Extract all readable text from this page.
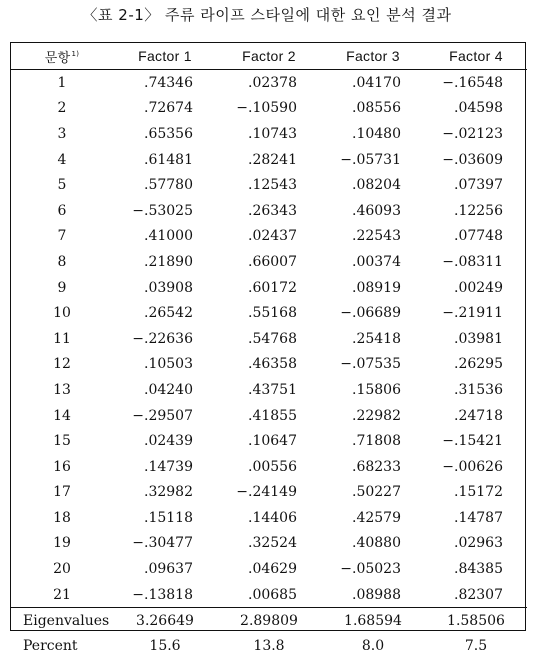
〈표 2-1〉 주류 라이프 스타일에 대한 요인 분석 결과
문항$^{1)}$	Factor 1	Factor 2	Factor 3	Factor 4
1	.74346	.02378	.04170	−.16548
2	.72674	−.10590	.08556	.04598
3	.65356	.10743	.10480	−.02123
4	.61481	.28241	−.05731	−.03609
5	.57780	.12543	.08204	.07397
6	−.53025	.26343	.46093	.12256
7	.41000	.02437	.22543	.07748
8	.21890	.66007	.00374	−.08311
9	.03908	.60172	.08919	.00249
10	.26542	.55168	−.06689	−.21911
11	−.22636	.54768	.25418	.03981
12	.10503	.46358	−.07535	.26295
13	.04240	.43751	.15806	.31536
14	−.29507	.41855	.22982	.24718
15	.02439	.10647	.71808	−.15421
16	.14739	.00556	.68233	−.00626
17	.32982	−.24149	.50227	.15172
18	.15118	.14406	.42579	.14787
19	−.30477	.32524	.40880	.02963
20	.09637	.04629	−.05023	.84385
21	−.13818	.00685	.08988	.82307
Eigenvalues	3.26649	2.89809	1.68594	1.58506
Percent	15.6	13.8	8.0	7.5
